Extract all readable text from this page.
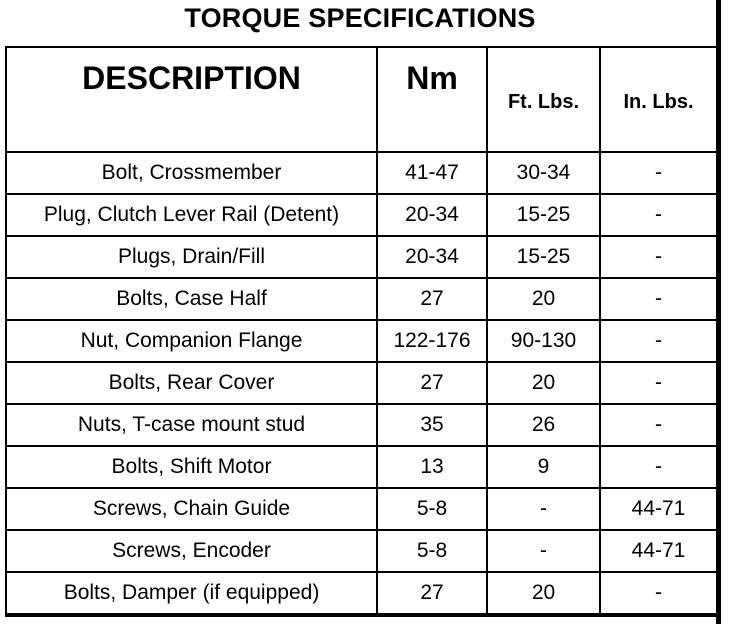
TORQUE SPECIFICATIONS
DESCRIPTION	Nm	Ft. Lbs.	In. Lbs.

Bolt, Crossmember	41-47	30-34	-
Plug, Clutch Lever Rail (Detent)	20-34	15-25	-
Plugs, Drain/Fill	20-34	15-25	-
Bolts, Case Half	27	20	-
Nut, Companion Flange	122-176	90-130	-
Bolts, Rear Cover	27	20	-
Nuts, T-case mount stud	35	26	-
Bolts, Shift Motor	13	9	-
Screws, Chain Guide	5-8	-	44-71
Screws, Encoder	5-8	-	44-71
Bolts, Damper (if equipped)	27	20	-
